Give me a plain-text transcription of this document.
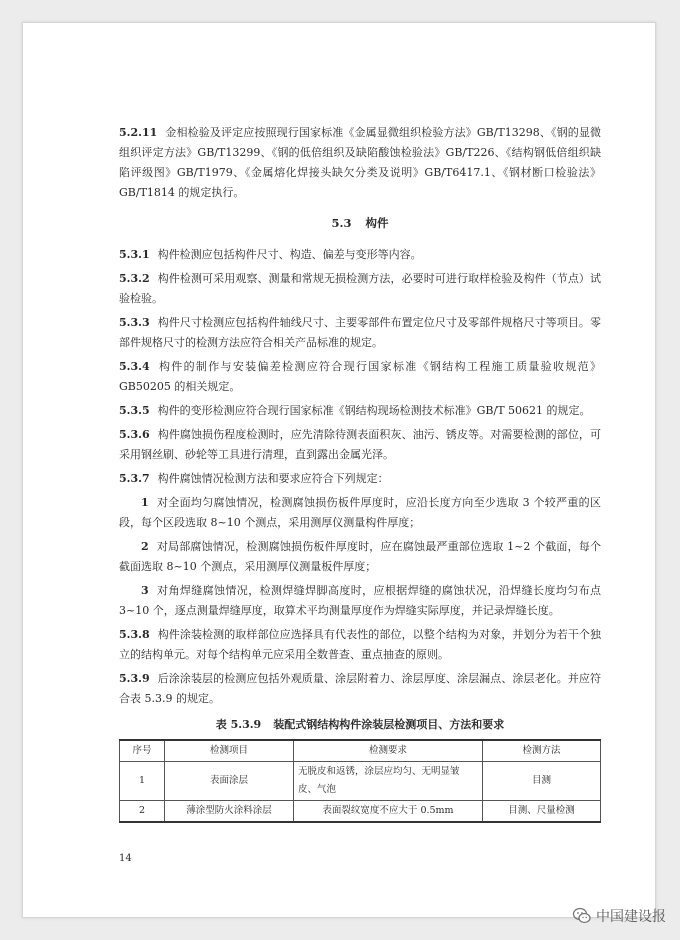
5.2.11 金相检验及评定应按照现行国家标准《金属显微组织检验方法》GB/T13298、《钢的显微组织评定方法》GB/T13299、《钢的低倍组织及缺陷酸蚀检验法》GB/T226、《结构钢低倍组织缺陷评级图》GB/T1979、《金属熔化焊接头缺欠分类及说明》GB/T6417.1、《钢材断口检验法》GB/T1814 的规定执行。

5.3 构件

5.3.1 构件检测应包括构件尺寸、构造、偏差与变形等内容。

5.3.2 构件检测可采用观察、测量和常规无损检测方法，必要时可进行取样检验及构件（节点）试验检验。

5.3.3 构件尺寸检测应包括构件轴线尺寸、主要零部件布置定位尺寸及零部件规格尺寸等项目。零部件规格尺寸的检测方法应符合相关产品标准的规定。

5.3.4 构件的制作与安装偏差检测应符合现行国家标准《钢结构工程施工质量验收规范》GB50205 的相关规定。

5.3.5 构件的变形检测应符合现行国家标准《钢结构现场检测技术标准》GB/T 50621 的规定。

5.3.6 构件腐蚀损伤程度检测时，应先清除待测表面积灰、油污、锈皮等。对需要检测的部位，可采用钢丝刷、砂轮等工具进行清理，直到露出金属光泽。

5.3.7 构件腐蚀情况检测方法和要求应符合下列规定：

1 对全面均匀腐蚀情况，检测腐蚀损伤板件厚度时，应沿长度方向至少选取 3 个较严重的区段，每个区段选取 8~10 个测点，采用测厚仪测量构件厚度；

2 对局部腐蚀情况，检测腐蚀损伤板件厚度时，应在腐蚀最严重部位选取 1~2 个截面，每个截面选取 8~10 个测点，采用测厚仪测量板件厚度；

3 对角焊缝腐蚀情况，检测焊缝焊脚高度时，应根据焊缝的腐蚀状况，沿焊缝长度均匀布点 3~10 个，逐点测量焊缝厚度，取算术平均测量厚度作为焊缝实际厚度，并记录焊缝长度。

5.3.8 构件涂装检测的取样部位应选择具有代表性的部位，以整个结构为对象，并划分为若干个独立的结构单元。对每个结构单元应采用全数普查、重点抽查的原则。

5.3.9 后涂涂装层的检测应包括外观质量、涂层附着力、涂层厚度、涂层漏点、涂层老化。并应符合表 5.3.9 的规定。

表 5.3.9 装配式钢结构构件涂装层检测项目、方法和要求
序号	检测项目	检测要求	检测方法
1	表面涂层	无脱皮和返锈，涂层应均匀、无明显皱皮、气泡	目测
2	薄涂型防火涂料涂层	表面裂纹宽度不应大于 0.5mm	目测、尺量检测
14
中国建设报
